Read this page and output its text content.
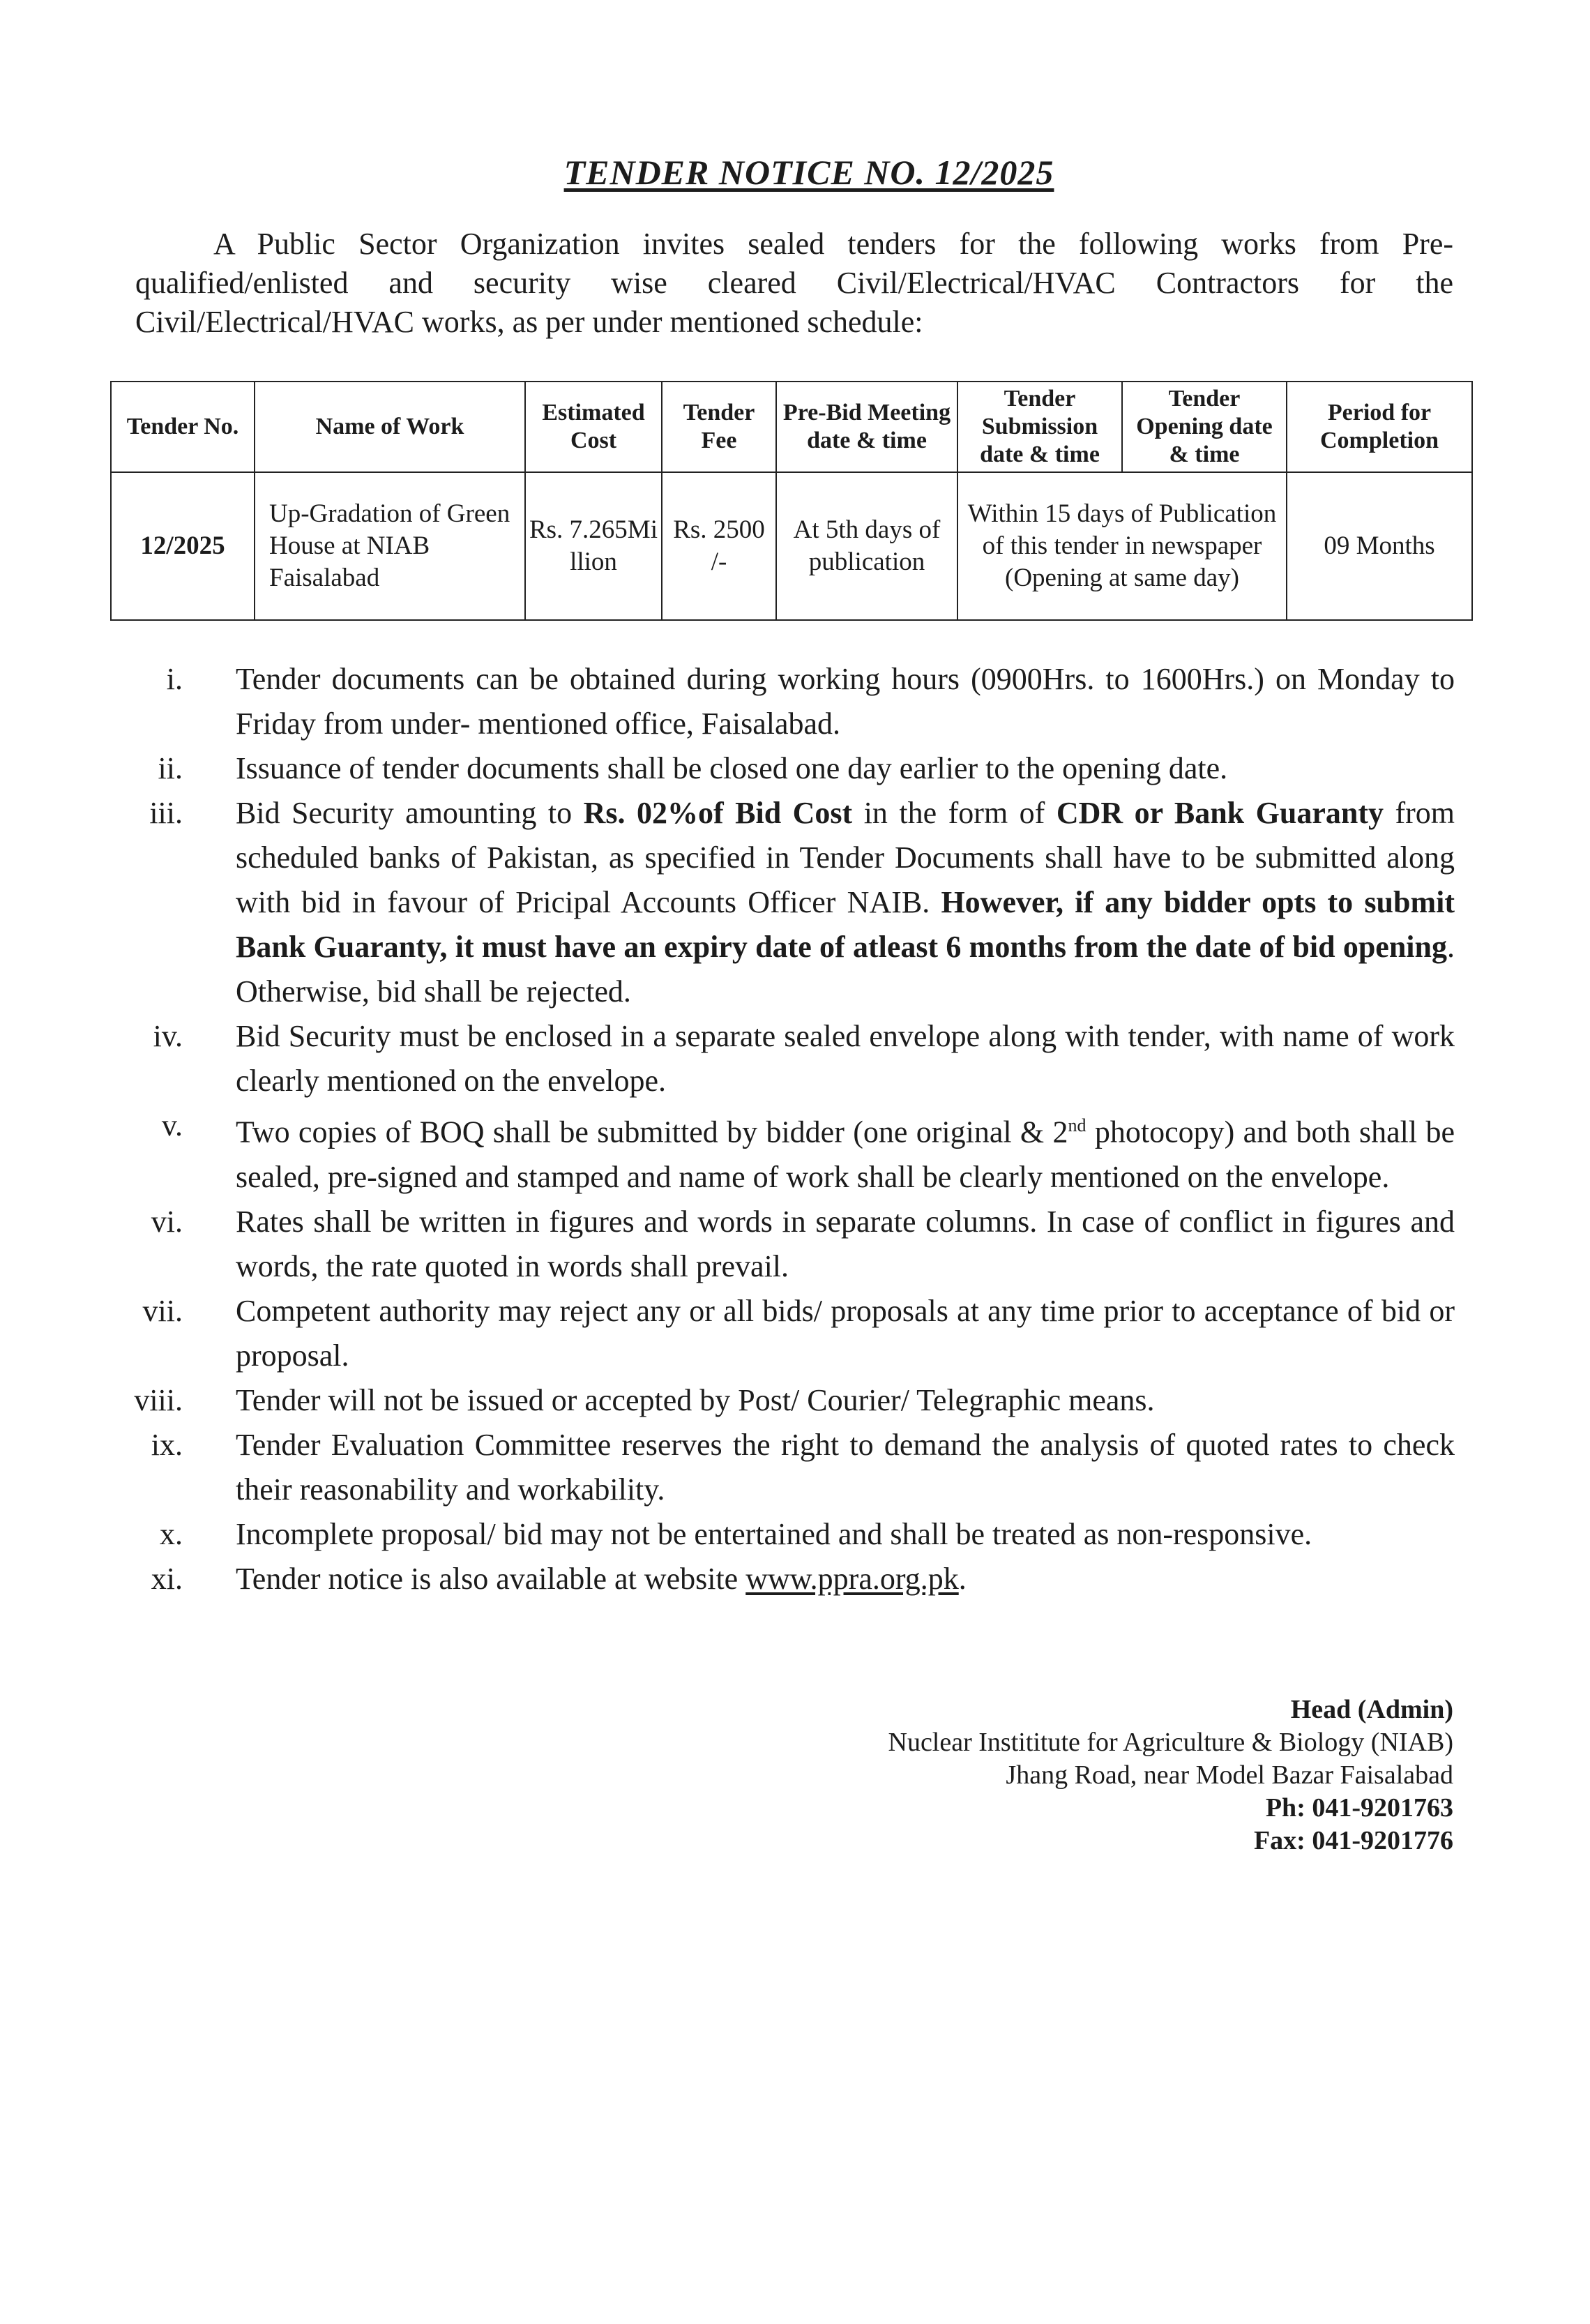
TENDER NOTICE NO. 12/2025
A Public Sector Organization invites sealed tenders for the following works from Pre-qualified/enlisted and security wise cleared Civil/Electrical/HVAC Contractors for the Civil/Electrical/HVAC works, as per under mentioned schedule:
Tender No.	Name of Work	Estimated Cost	Tender Fee	Pre-Bid Meeting date & time	Tender Submission date & time	Tender Opening date & time	Period for Completion
12/2025	Up-Gradation of Green House at NIAB Faisalabad	Rs. 7.265Million	Rs. 2500 /-	At 5th days of publication	Within 15 days of Publication of this tender in newspaper (Opening at same day)		09 Months
i. Tender documents can be obtained during working hours (0900Hrs. to 1600Hrs.) on Monday to Friday from under- mentioned office, Faisalabad.
ii. Issuance of tender documents shall be closed one day earlier to the opening date.
iii. Bid Security amounting to Rs. 02%of Bid Cost in the form of CDR or Bank Guaranty from scheduled banks of Pakistan, as specified in Tender Documents shall have to be submitted along with bid in favour of Pricipal Accounts Officer NAIB. However, if any bidder opts to submit Bank Guaranty, it must have an expiry date of atleast 6 months from the date of bid opening. Otherwise, bid shall be rejected.
iv. Bid Security must be enclosed in a separate sealed envelope along with tender, with name of work clearly mentioned on the envelope.
v. Two copies of BOQ shall be submitted by bidder (one original & 2nd photocopy) and both shall be sealed, pre-signed and stamped and name of work shall be clearly mentioned on the envelope.
vi. Rates shall be written in figures and words in separate columns. In case of conflict in figures and words, the rate quoted in words shall prevail.
vii. Competent authority may reject any or all bids/ proposals at any time prior to acceptance of bid or proposal.
viii. Tender will not be issued or accepted by Post/ Courier/ Telegraphic means.
ix. Tender Evaluation Committee reserves the right to demand the analysis of quoted rates to check their reasonability and workability.
x. Incomplete proposal/ bid may not be entertained and shall be treated as non-responsive.
xi. Tender notice is also available at website www.ppra.org.pk.
Head (Admin)
Nuclear Instititute for Agriculture & Biology (NIAB)
Jhang Road, near Model Bazar Faisalabad
Ph: 041-9201763
Fax: 041-9201776
